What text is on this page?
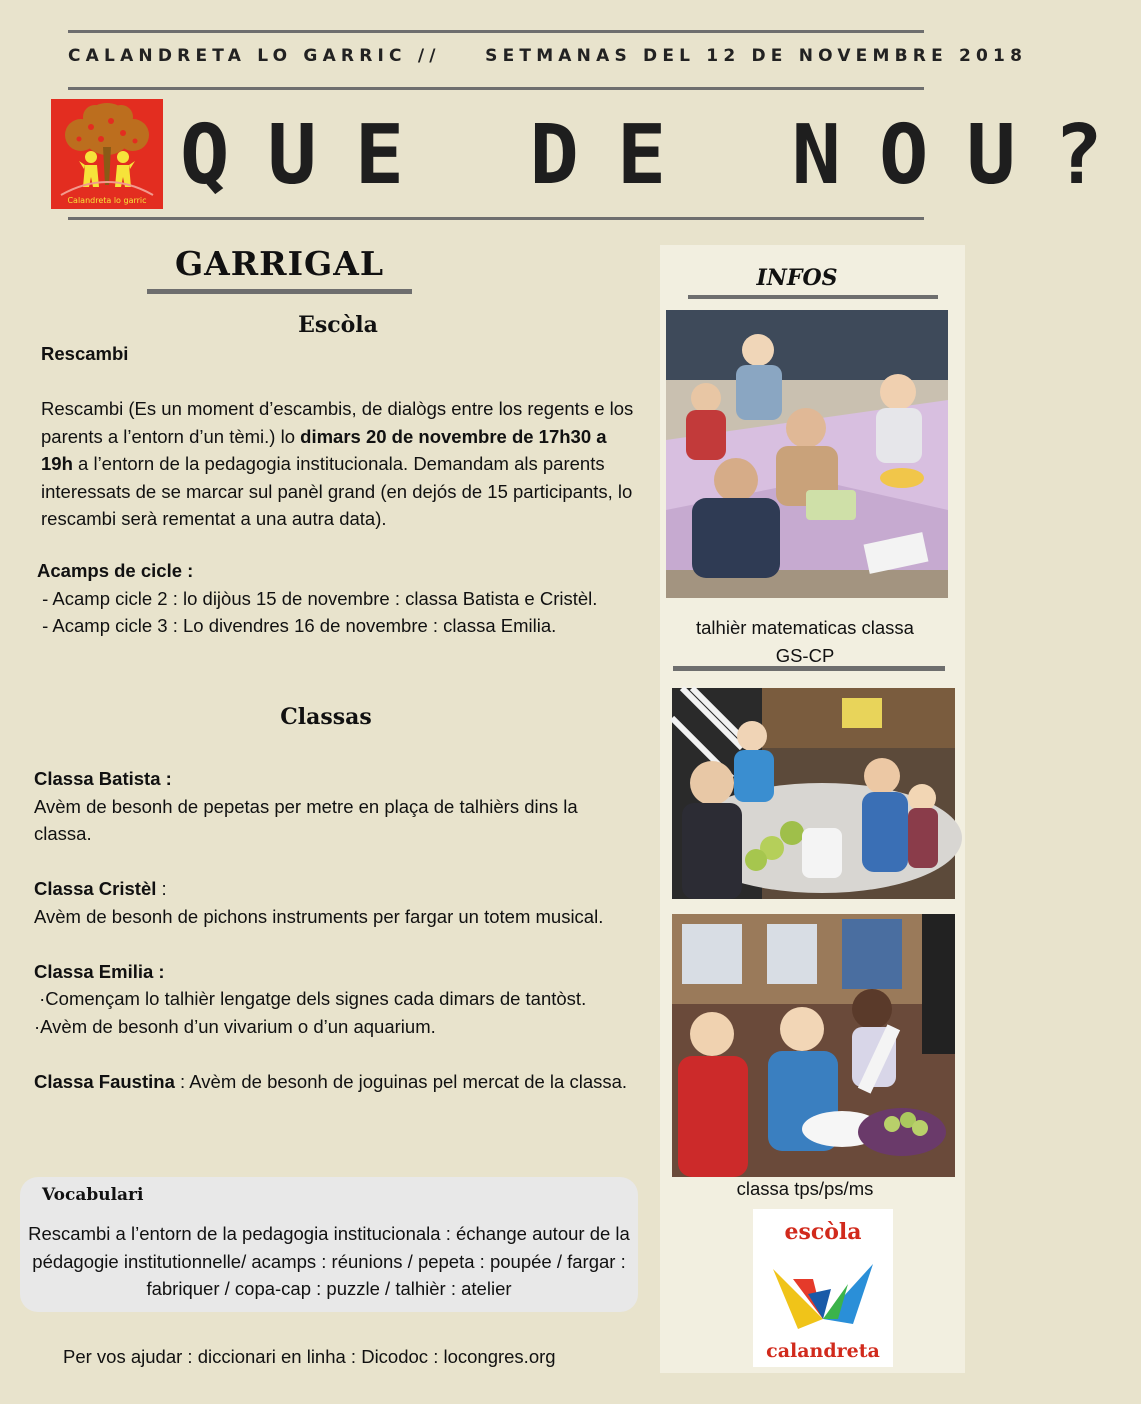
CALANDRETA LO GARRIC //	SETMANAS DEL 12 DE NOVEMBRE 2018
Calandreta lo garric QUE DE NOU?
GARRIGAL
Escòla
Rescambi
Rescambi (Es un moment d’escambis, de dialògs entre los regents e los parents a l’entorn d’un tèmi.) lo dimars 20 de novembre de 17h30 a 19h a l’entorn de la pedagogia institucionala. Demandam als parents interessats de se marcar sul panèl grand (en dejós de 15 participants, lo rescambi serà rementat a una autra data).
Acamps de cicle :
- Acamp cicle 2 : lo dijòus 15 de novembre : classa Batista e Cristèl.
- Acamp cicle 3 : Lo divendres 16 de novembre : classa Emilia.
Classas
Classa Batista :
Avèm de besonh de pepetas per metre en plaça de talhièrs dins la classa.
Classa Cristèl :
Avèm de besonh de pichons instruments per fargar un totem musical.
Classa Emilia :
·Començam lo talhièr lengatge dels signes cada dimars de tantòst.
·Avèm de besonh d’un vivarium o d’un aquarium.
Classa Faustina : Avèm de besonh de joguinas pel mercat de la classa.
Vocabulari
Rescambi a l’entorn de la pedagogia institucionala : échange autour de la pédagogie institutionnelle/ acamps : réunions / pepeta : poupée / fargar : fabriquer / copa-cap : puzzle / talhièr : atelier
Per vos ajudar : diccionari en linha : Dicodoc : locongres.org
INFOS
talhièr matematicas classa GS-CP
classa tps/ps/ms
escòla
calandreta
